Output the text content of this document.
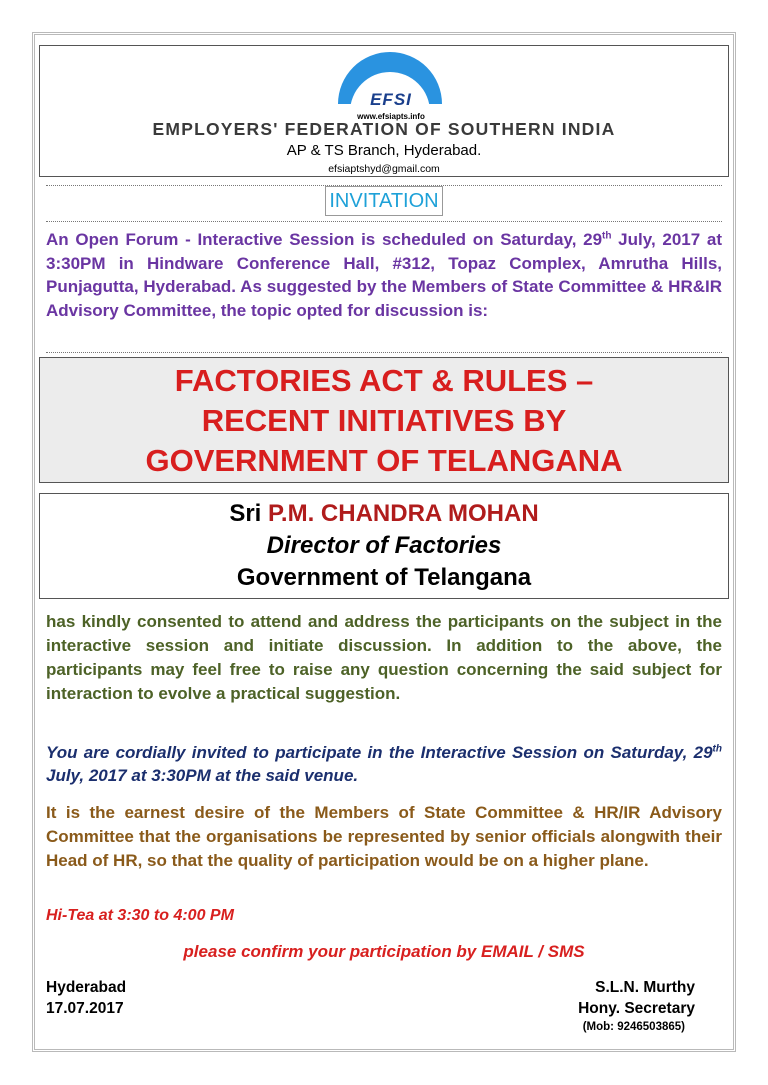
www.efsiapts.info
EFSI
EMPLOYERS' FEDERATION OF SOUTHERN INDIA
AP & TS Branch, Hyderabad.
efsiaptshyd@gmail.com
INVITATION

An Open Forum - Interactive Session is scheduled on Saturday, 29th July, 2017 at 3:30PM in Hindware Conference Hall, #312, Topaz Complex, Amrutha Hills, Punjagutta, Hyderabad. As suggested by the Members of State Committee & HR&IR Advisory Committee, the topic opted for discussion is:

FACTORIES ACT & RULES –
RECENT INITIATIVES BY
GOVERNMENT OF TELANGANA
Sri P.M. CHANDRA MOHAN
Director of Factories
Government of Telangana

has kindly consented to attend and address the participants on the subject in the interactive session and initiate discussion. In addition to the above, the participants may feel free to raise any question concerning the said subject for interaction to evolve a practical suggestion.

You are cordially invited to participate in the Interactive Session on Saturday, 29th July, 2017 at 3:30PM at the said venue.

It is the earnest desire of the Members of State Committee & HR/IR Advisory Committee that the organisations be represented by senior officials alongwith their Head of HR, so that the quality of participation would be on a higher plane.

Hi-Tea at 3:30 to 4:00 PM
please confirm your participation by EMAIL / SMS
Hyderabad
17.07.2017
S.L.N. Murthy
Hony. Secretary
(Mob: 9246503865)
